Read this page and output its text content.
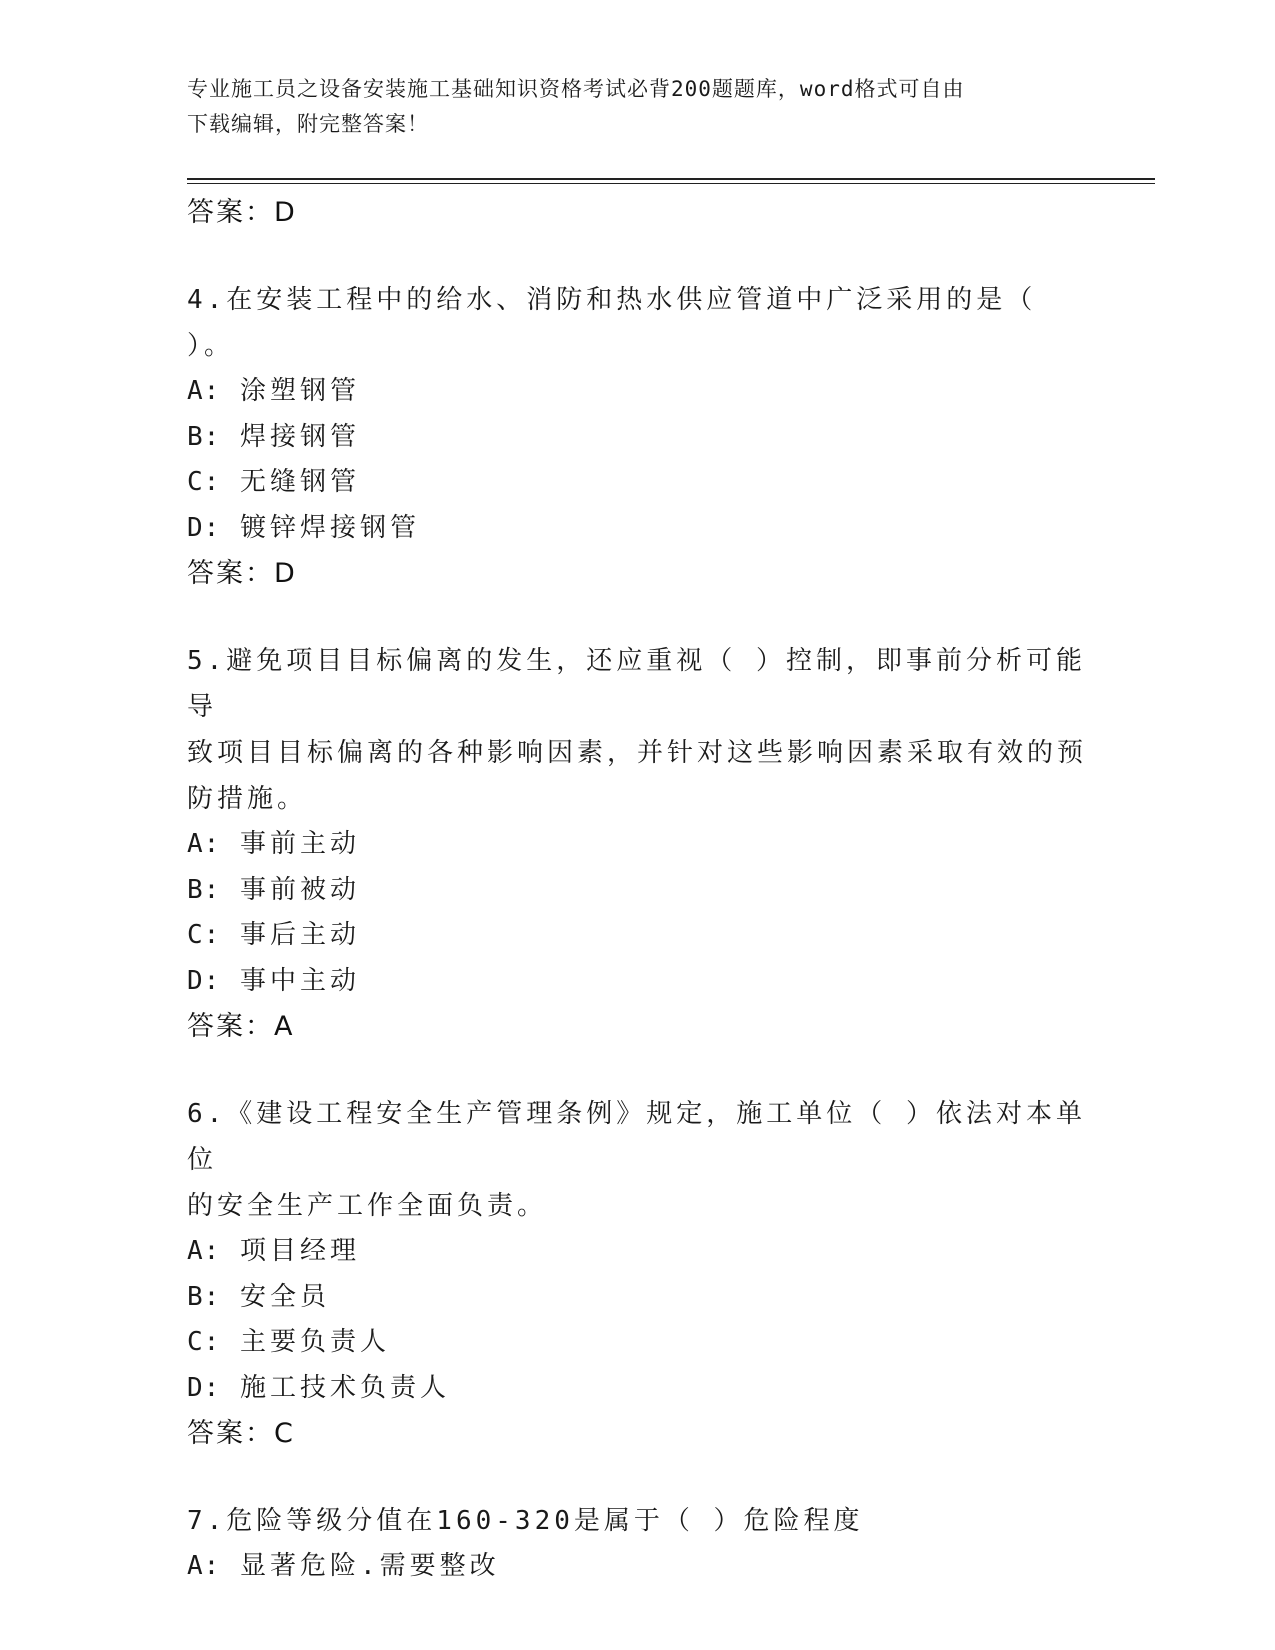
专业施工员之设备安装施工基础知识资格考试必背200题题库，word格式可自由
下载编辑，附完整答案！
答案：D
4.在安装工程中的给水、消防和热水供应管道中广泛采用的是（ ）。
A: 涂塑钢管
B: 焊接钢管
C: 无缝钢管
D: 镀锌焊接钢管
答案：D
5.避免项目目标偏离的发生，还应重视（ ）控制，即事前分析可能导
致项目目标偏离的各种影响因素，并针对这些影响因素采取有效的预
防措施。
A: 事前主动
B: 事前被动
C: 事后主动
D: 事中主动
答案：A
6.《建设工程安全生产管理条例》规定，施工单位（ ）依法对本单位
的安全生产工作全面负责。
A: 项目经理
B: 安全员
C: 主要负责人
D: 施工技术负责人
答案：C
7.危险等级分值在160-320是属于（ ）危险程度
A: 显著危险.需要整改
